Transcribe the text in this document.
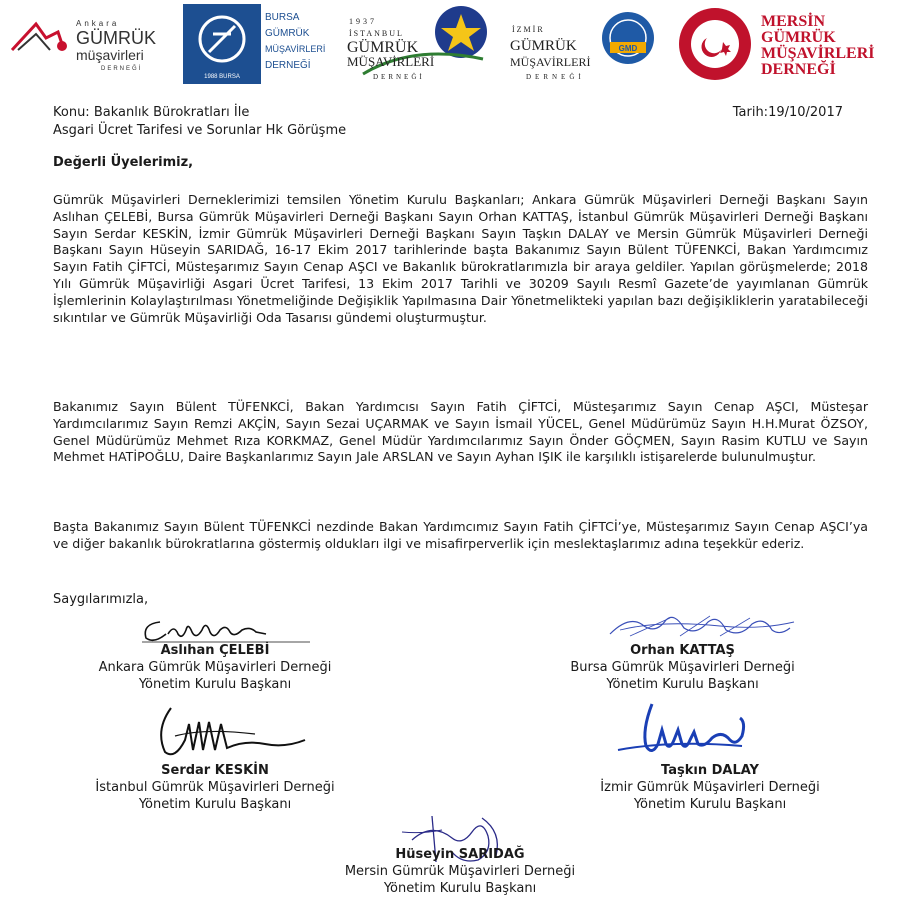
Ankara
GÜMRÜK
müşavirleri
DERNEĞİ
1988 BURSA
BURSA
GÜMRÜK
MÜŞAVİRLERİ
DERNEĞİ
1937
İSTANBUL
GÜMRÜK
MÜŞAVİRLERİ
DERNEĞİ
GMD
İZMİR
GÜMRÜK
MÜŞAVİRLERİ
DERNEĞİ
MERSİN
GÜMRÜK
MÜŞAVİRLERİ
DERNEĞİ
Konu: Bakanlık Bürokratları İle
Asgari Ücret Tarifesi ve Sorunlar Hk Görüşme
Tarih:19/10/2017
Değerli Üyelerimiz,
Gümrük Müşavirleri Derneklerimizi temsilen Yönetim Kurulu Başkanları; Ankara Gümrük Müşavirleri Derneği Başkanı Sayın Aslıhan ÇELEBİ, Bursa Gümrük Müşavirleri Derneği Başkanı Sayın Orhan KATTAŞ, İstanbul Gümrük Müşavirleri Derneği Başkanı Sayın Serdar KESKİN, İzmir Gümrük Müşavirleri Derneği Başkanı Sayın Taşkın DALAY ve Mersin Gümrük Müşavirleri Derneği Başkanı Sayın Hüseyin SARIDAĞ, 16-17 Ekim 2017 tarihlerinde başta Bakanımız Sayın Bülent TÜFENKCİ, Bakan Yardımcımız Sayın Fatih ÇİFTCİ, Müsteşarımız Sayın Cenap AŞCI ve Bakanlık bürokratlarımızla bir araya geldiler. Yapılan görüşmelerde; 2018 Yılı Gümrük Müşavirliği Asgari Ücret Tarifesi, 13 Ekim 2017 Tarihli ve 30209 Sayılı Resmî Gazete’de yayımlanan Gümrük İşlemlerinin Kolaylaştırılması Yönetmeliğinde Değişiklik Yapılmasına Dair Yönetmelikteki yapılan bazı değişikliklerin yaratabileceği sıkıntılar ve Gümrük Müşavirliği Oda Tasarısı gündemi oluşturmuştur.
Bakanımız Sayın Bülent TÜFENKCİ, Bakan Yardımcısı Sayın Fatih ÇİFTCİ, Müsteşarımız Sayın Cenap AŞCI, Müsteşar Yardımcılarımız Sayın Remzi AKÇİN, Sayın Sezai UÇARMAK ve Sayın İsmail YÜCEL, Genel Müdürümüz Sayın H.H.Murat ÖZSOY, Genel Müdürümüz Mehmet Rıza KORKMAZ, Genel Müdür Yardımcılarımız Sayın Önder GÖÇMEN, Sayın Rasim KUTLU ve Sayın Mehmet HATİPOĞLU, Daire Başkanlarımız Sayın Jale ARSLAN ve Sayın Ayhan IŞIK ile karşılıklı istişarelerde bulunulmuştur.
Başta Bakanımız Sayın Bülent TÜFENKCİ nezdinde Bakan Yardımcımız Sayın Fatih ÇİFTCİ’ye, Müsteşarımız Sayın Cenap AŞCI’ya ve diğer bakanlık bürokratlarına göstermiş oldukları ilgi ve misafirperverlik için meslektaşlarımız adına teşekkür ederiz.
Saygılarımızla,
Aslıhan ÇELEBİ
Ankara Gümrük Müşavirleri Derneği
Yönetim Kurulu Başkanı
Orhan KATTAŞ
Bursa Gümrük Müşavirleri Derneği
Yönetim Kurulu Başkanı
Serdar KESKİN
İstanbul Gümrük Müşavirleri Derneği
Yönetim Kurulu Başkanı
Taşkın DALAY
İzmir Gümrük Müşavirleri Derneği
Yönetim Kurulu Başkanı
Hüseyin SARIDAĞ
Mersin Gümrük Müşavirleri Derneği
Yönetim Kurulu Başkanı
